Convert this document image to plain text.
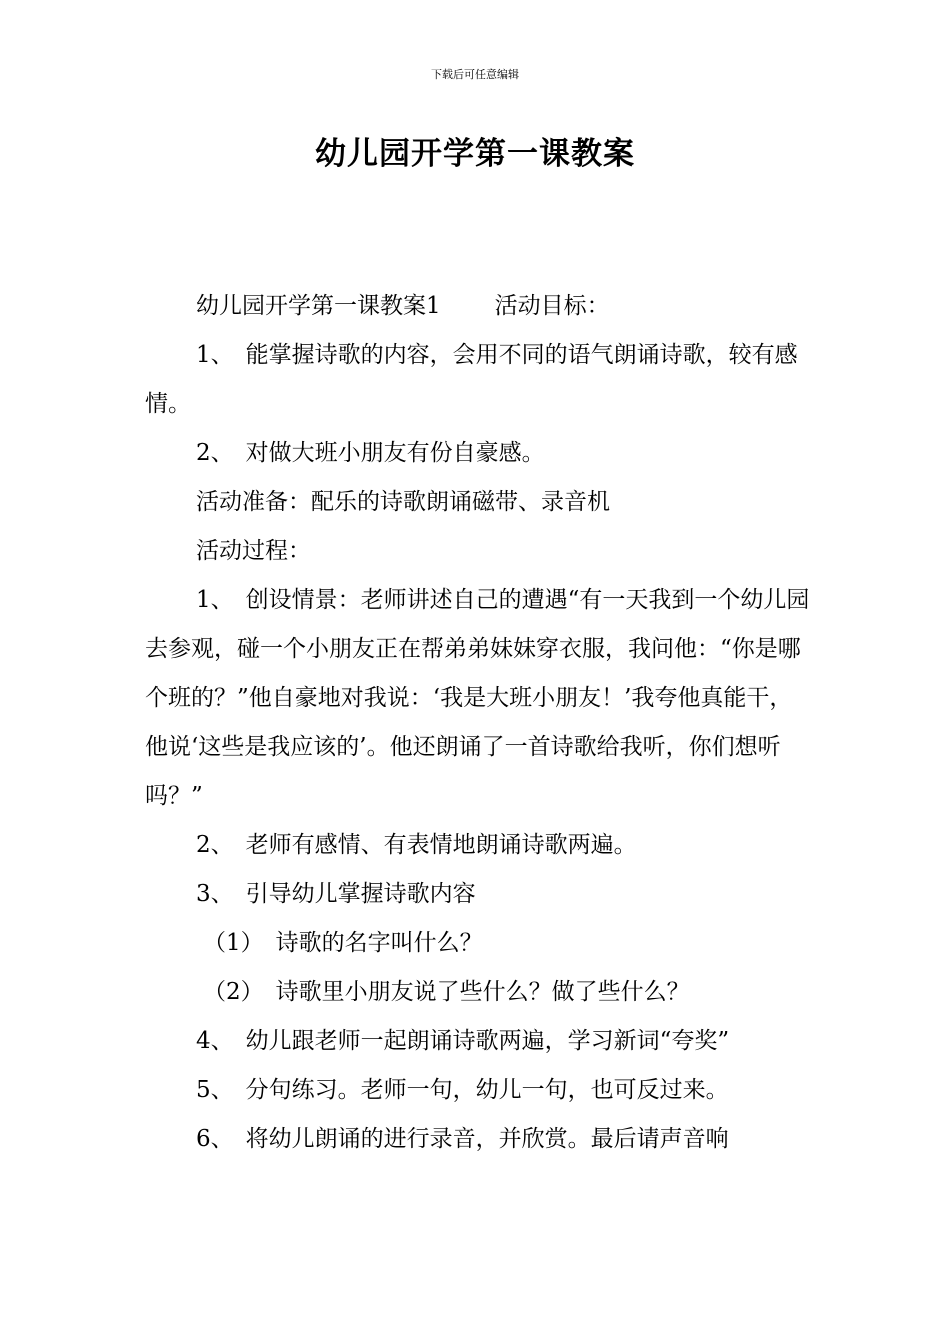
下载后可任意编辑
幼儿园开学第一课教案

幼儿园开学第一课教案1 活动目标：

1、 能掌握诗歌的内容，会用不同的语气朗诵诗歌，较有感情。

2、 对做大班小朋友有份自豪感。

活动准备：配乐的诗歌朗诵磁带、录音机

活动过程：

1、 创设情景：老师讲述自己的遭遇“有一天我到一个幼儿园去参观，碰一个小朋友正在帮弟弟妹妹穿衣服，我问他：“你是哪个班的？”他自豪地对我说：‘我是大班小朋友！’我夸他真能干，他说‘这些是我应该的’。他还朗诵了一首诗歌给我听，你们想听吗？”

2、 老师有感情、有表情地朗诵诗歌两遍。

3、 引导幼儿掌握诗歌内容

（1） 诗歌的名字叫什么？

（2） 诗歌里小朋友说了些什么？做了些什么？

4、 幼儿跟老师一起朗诵诗歌两遍，学习新词“夸奖”

5、 分句练习。老师一句，幼儿一句，也可反过来。

6、 将幼儿朗诵的进行录音，并欣赏。最后请声音响
